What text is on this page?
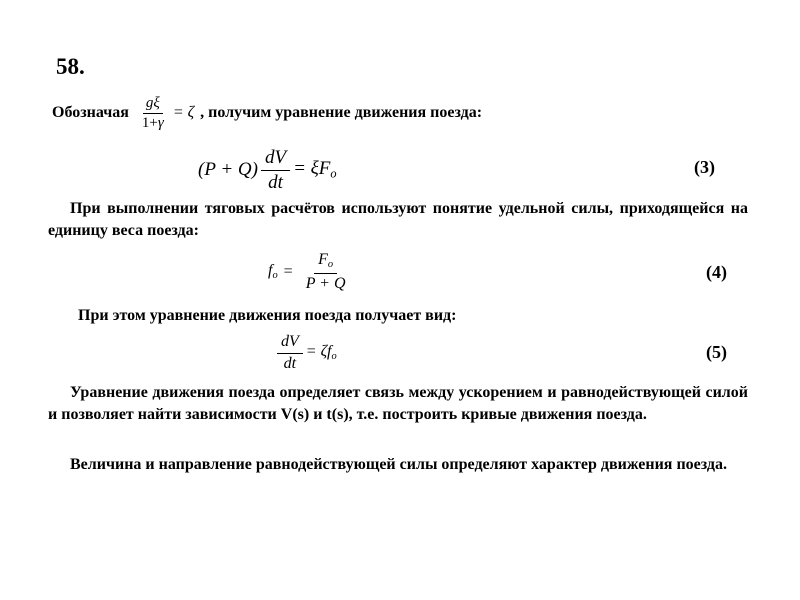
58.
Обозначая $\frac{g\xi}{1+\gamma} = \zeta$ , получим уравнение движения поезда:
$(P + Q) \frac{dV}{dt} = \xi F_o$	(3)

При выполнении тяговых расчётов используют понятие удельной силы, приходящейся на единицу веса поезда:

$f_o = \frac{F_o}{P + Q}$	(4)

При этом уравнение движения поезда получает вид:

$\frac{dV}{dt} = \zeta f_o$	(5)

Уравнение движения поезда определяет связь между ускорением и равнодействующей силой и позволяет найти зависимости V(s) и t(s), т.е. построить кривые движения поезда.

Величина и направление равнодействующей силы определяют характер движения поезда.
